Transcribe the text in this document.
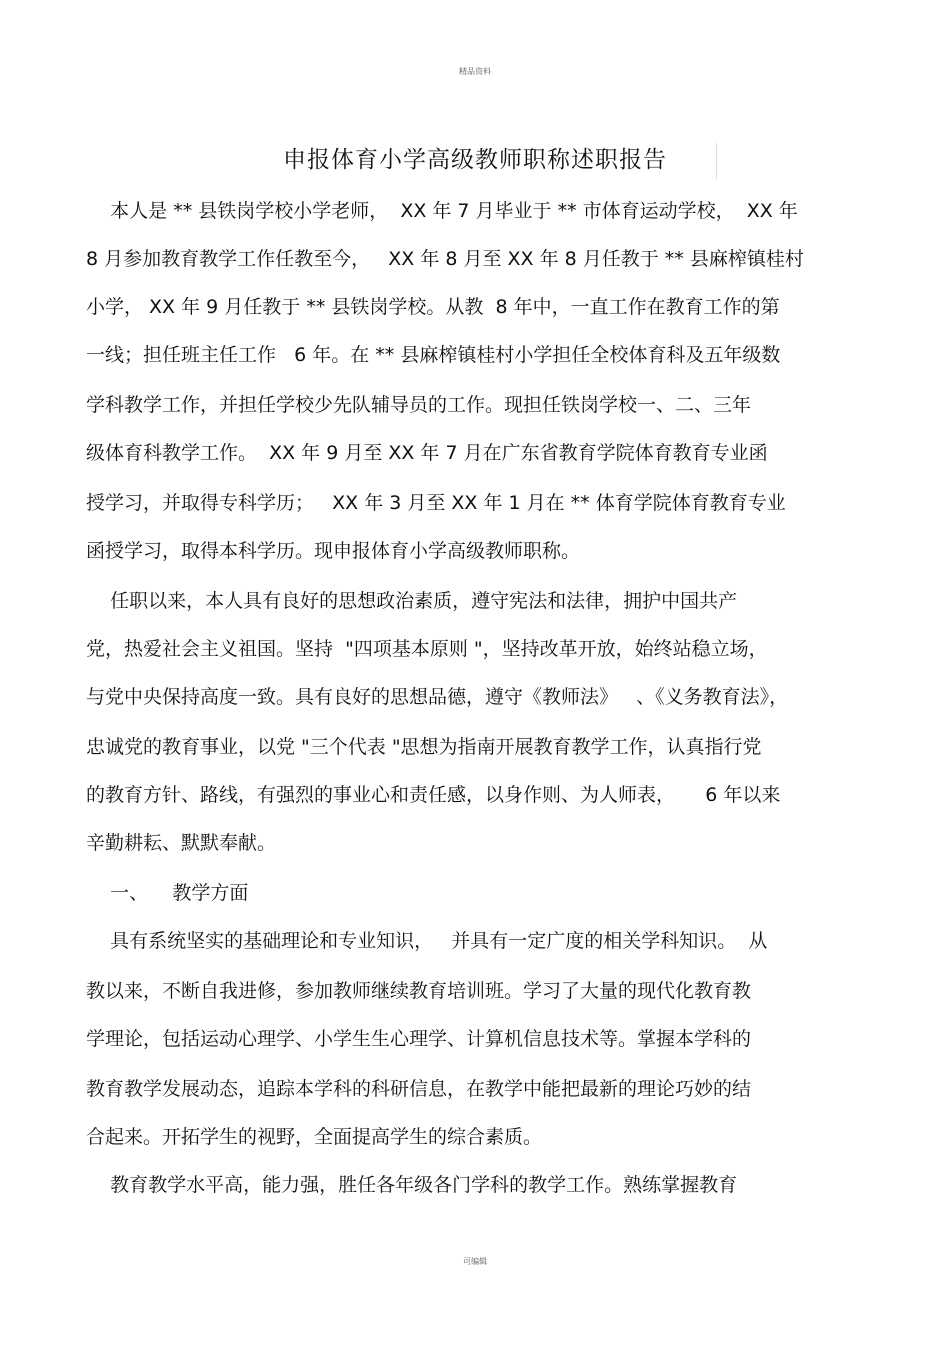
精品资料
申报体育小学高级教师职称述职报告
本人是 ** 县铁岗学校小学老师，  XX 年 7 月毕业于 ** 市体育运动学校，  XX 年
8 月参加教育教学工作任教至今，   XX 年 8 月至 XX 年 8 月任教于 ** 县麻榨镇桂村
小学， XX 年 9 月任教于 ** 县铁岗学校。从教  8 年中，一直工作在教育工作的第
一线；担任班主任工作   6 年。在 ** 县麻榨镇桂村小学担任全校体育科及五年级数
学科教学工作，并担任学校少先队辅导员的工作。现担任铁岗学校一、二、三年
级体育科教学工作。  XX 年 9 月至 XX 年 7 月在广东省教育学院体育教育专业函
授学习，并取得专科学历；   XX 年 3 月至 XX 年 1 月在 ** 体育学院体育教育专业
函授学习，取得本科学历。现申报体育小学高级教师职称。
任职以来，本人具有良好的思想政治素质，遵守宪法和法律，拥护中国共产
党，热爱社会主义祖国。坚持  "四项基本原则 "，坚持改革开放，始终站稳立场，
与党中央保持高度一致。具有良好的思想品德，遵守《教师法》   、《义务教育法》，
忠诚党的教育事业，以党 "三个代表 "思想为指南开展教育教学工作，认真指行党
的教育方针、路线，有强烈的事业心和责任感，以身作则、为人师表，     6 年以来
辛勤耕耘、默默奉献。
一、    教学方面
具有系统坚实的基础理论和专业知识，   并具有一定广度的相关学科知识。  从
教以来，不断自我进修，参加教师继续教育培训班。学习了大量的现代化教育教
学理论，包括运动心理学、小学生生心理学、计算机信息技术等。掌握本学科的
教育教学发展动态，追踪本学科的科研信息，在教学中能把最新的理论巧妙的结
合起来。开拓学生的视野，全面提高学生的综合素质。
教育教学水平高，能力强，胜任各年级各门学科的教学工作。熟练掌握教育
可编辑
